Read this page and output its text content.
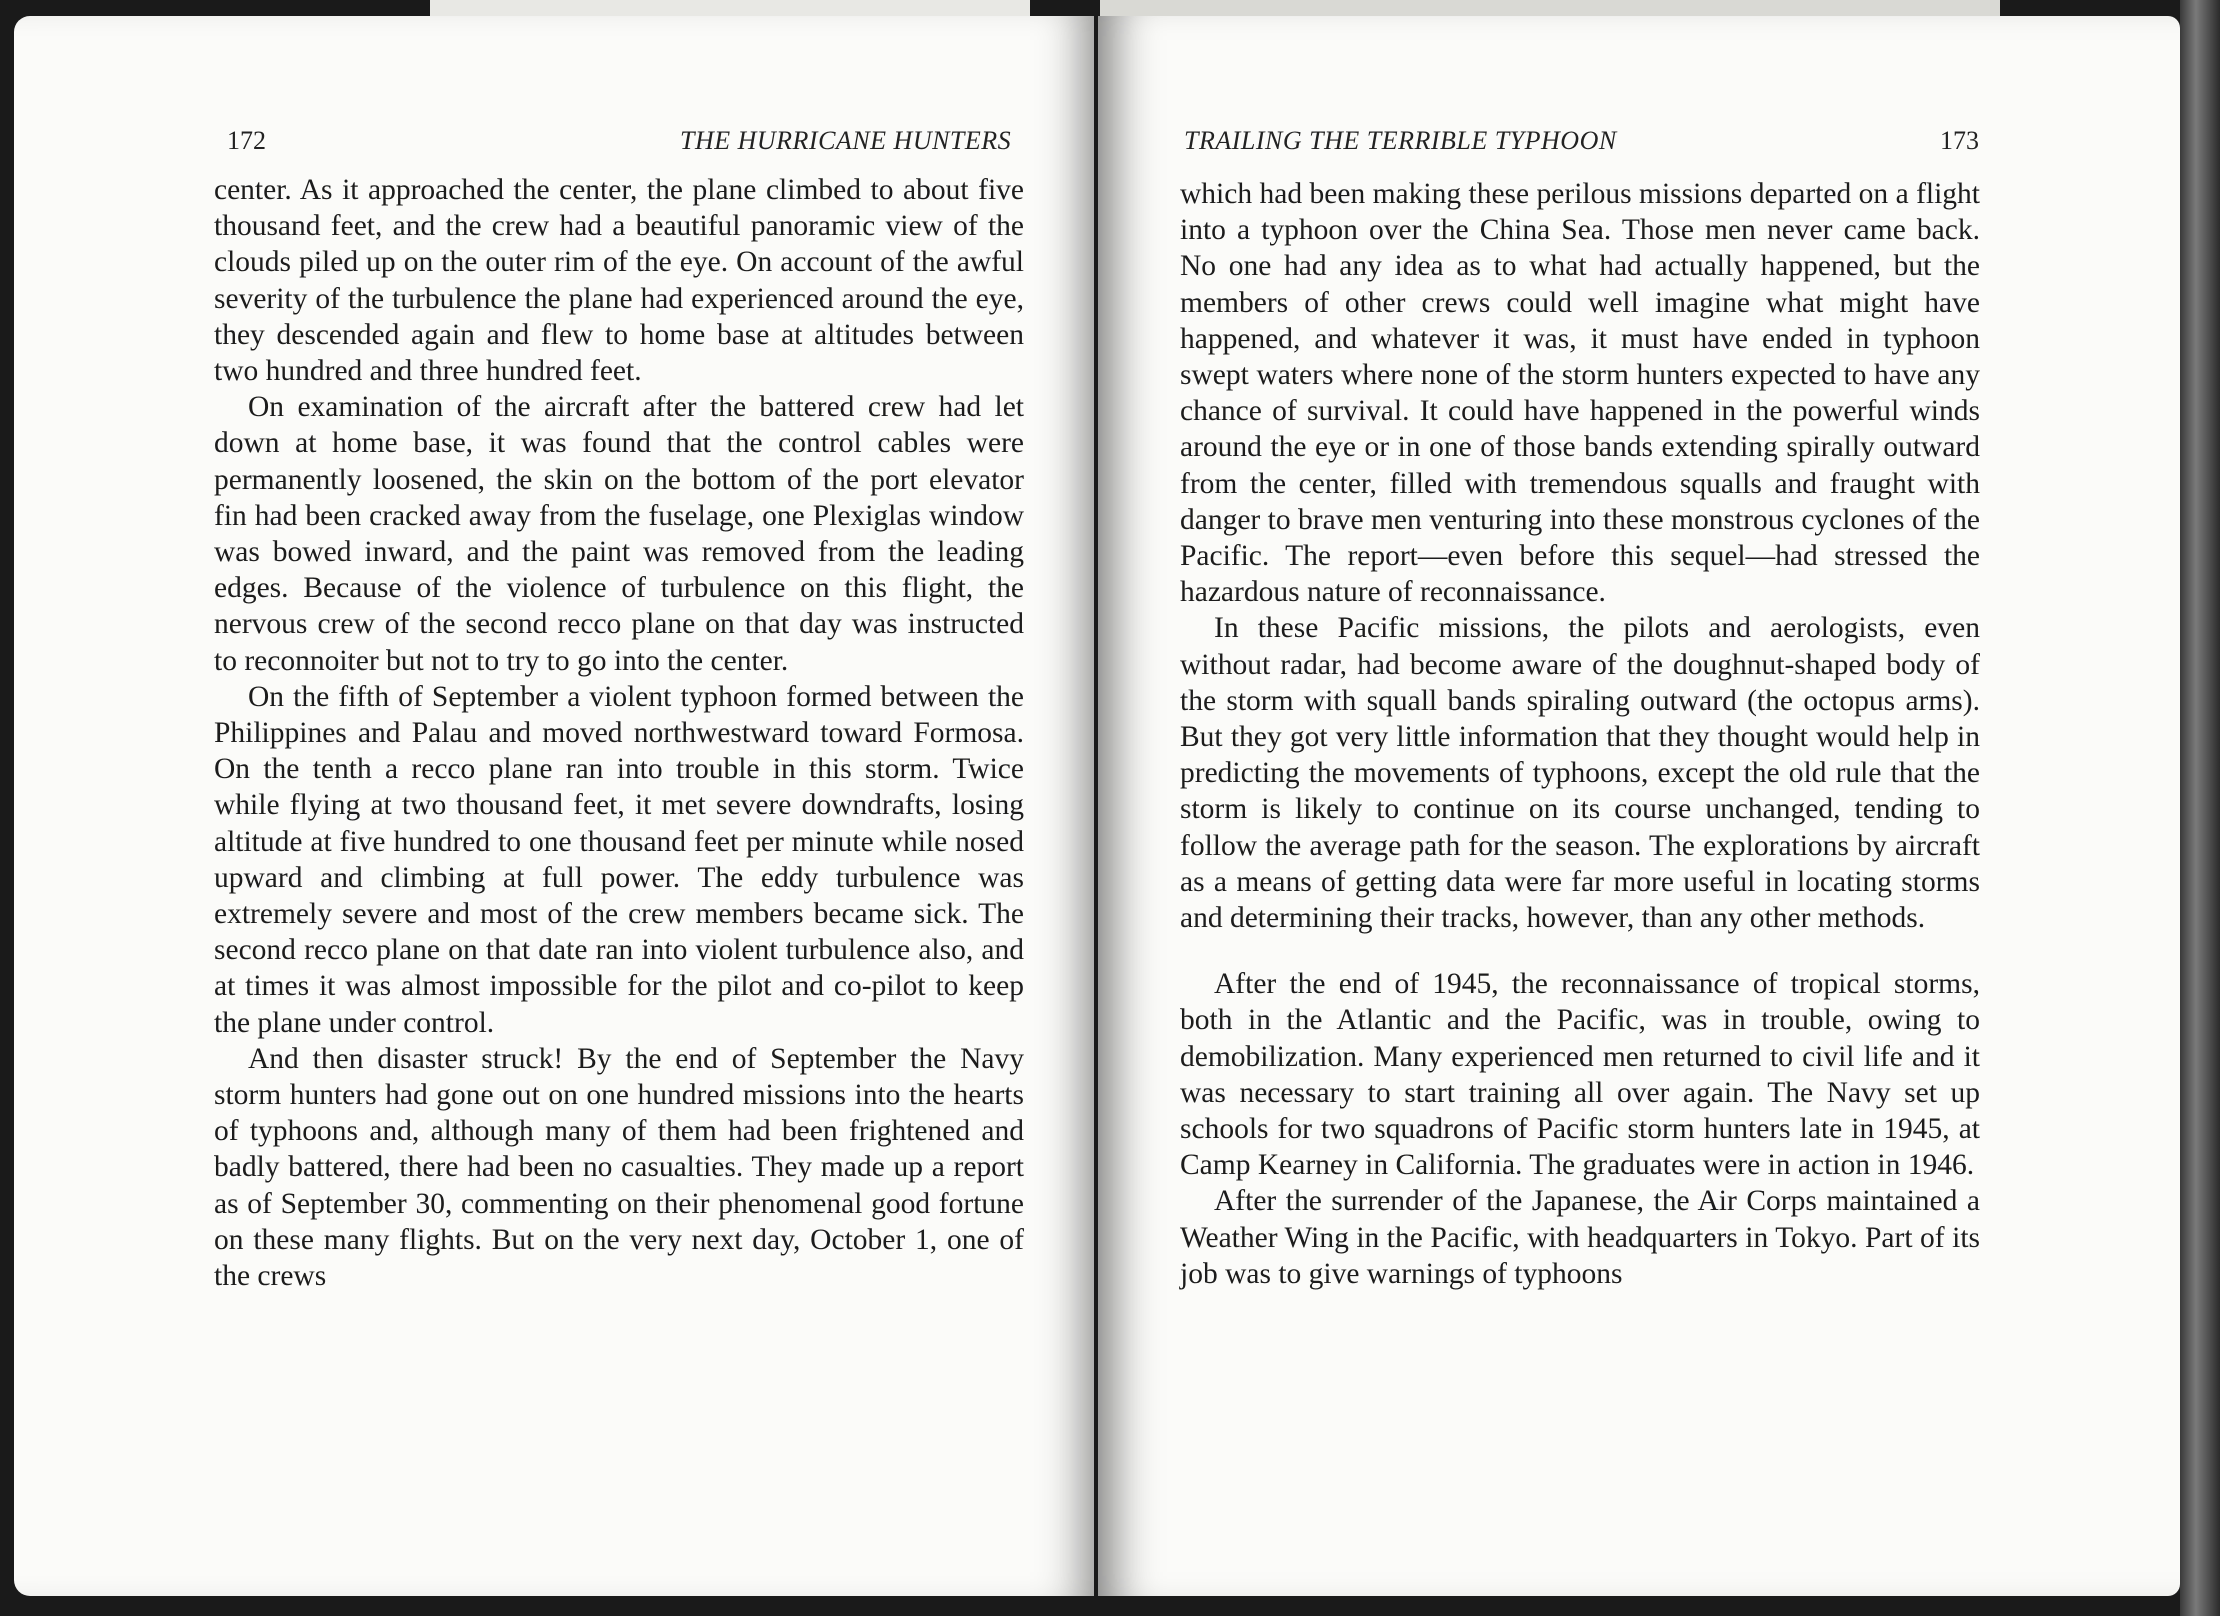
172	THE HURRICANE HUNTERS	TRAILING THE TERRIBLE TYPHOON	173

center. As it approached the center, the plane climbed to about five thousand feet, and the crew had a beautiful panoramic view of the clouds piled up on the outer rim of the eye. On account of the awful severity of the turbulence the plane had experienced around the eye, they descended again and flew to home base at altitudes between two hundred and three hundred feet.

On examination of the aircraft after the battered crew had let down at home base, it was found that the control cables were permanently loosened, the skin on the bottom of the port elevator fin had been cracked away from the fuselage, one Plexiglas window was bowed inward, and the paint was removed from the leading edges. Because of the violence of turbulence on this flight, the nervous crew of the second recco plane on that day was instructed to reconnoiter but not to try to go into the center.

On the fifth of September a violent typhoon formed between the Philippines and Palau and moved northwestward toward Formosa. On the tenth a recco plane ran into trouble in this storm. Twice while flying at two thousand feet, it met severe downdrafts, losing altitude at five hundred to one thousand feet per minute while nosed upward and climbing at full power. The eddy turbulence was extremely severe and most of the crew members became sick. The second recco plane on that date ran into violent turbulence also, and at times it was almost impossible for the pilot and co-pilot to keep the plane under control.

And then disaster struck! By the end of September the Navy storm hunters had gone out on one hundred missions into the hearts of typhoons and, although many of them had been frightened and badly battered, there had been no casualties. They made up a report as of September 30, commenting on their phenomenal good fortune on these many flights. But on the very next day, October 1, one of the crews

which had been making these perilous missions departed on a flight into a typhoon over the China Sea. Those men never came back. No one had any idea as to what had actually happened, but the members of other crews could well imagine what might have happened, and whatever it was, it must have ended in typhoon swept waters where none of the storm hunters expected to have any chance of survival. It could have happened in the powerful winds around the eye or in one of those bands extending spirally outward from the center, filled with tremendous squalls and fraught with danger to brave men venturing into these monstrous cyclones of the Pacific. The report—even before this sequel—had stressed the hazardous nature of reconnaissance.

In these Pacific missions, the pilots and aerologists, even without radar, had become aware of the doughnut-shaped body of the storm with squall bands spiraling outward (the octopus arms). But they got very little information that they thought would help in predicting the movements of typhoons, except the old rule that the storm is likely to continue on its course unchanged, tending to follow the average path for the season. The explorations by aircraft as a means of getting data were far more useful in locating storms and determining their tracks, however, than any other methods.

After the end of 1945, the reconnaissance of tropical storms, both in the Atlantic and the Pacific, was in trouble, owing to demobilization. Many experienced men returned to civil life and it was necessary to start training all over again. The Navy set up schools for two squadrons of Pacific storm hunters late in 1945, at Camp Kearney in California. The graduates were in action in 1946.

After the surrender of the Japanese, the Air Corps maintained a Weather Wing in the Pacific, with headquarters in Tokyo. Part of its job was to give warnings of typhoons
